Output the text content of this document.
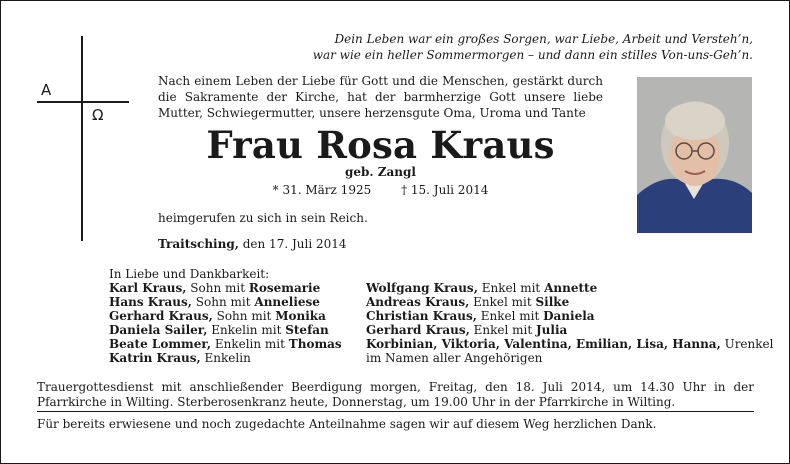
Dein Leben war ein großes Sorgen, war Liebe, Arbeit und Versteh’n,
war wie ein heller Sommermorgen – und dann ein stilles Von-uns-Geh’n.
A
Ω
Nach einem Leben der Liebe für Gott und die Menschen, gestärkt durch die Sakramente der Kirche, hat der barmherzige Gott unsere liebe Mutter, Schwiegermutter, unsere herzensgute Oma, Uroma und Tante
Frau Rosa Kraus
geb. Zangl
* 31. März 1925 † 15. Juli 2014
heimgerufen zu sich in sein Reich.
Traitsching, den 17. Juli 2014
In Liebe und Dankbarkeit:
Karl Kraus, Sohn mit Rosemarie
Hans Kraus, Sohn mit Anneliese
Gerhard Kraus, Sohn mit Monika
Daniela Sailer, Enkelin mit Stefan
Beate Lommer, Enkelin mit Thomas
Katrin Kraus, Enkelin
Wolfgang Kraus, Enkel mit Annette
Andreas Kraus, Enkel mit Silke
Christian Kraus, Enkel mit Daniela
Gerhard Kraus, Enkel mit Julia
Korbinian, Viktoria, Valentina, Emilian, Lisa, Hanna, Urenkel
im Namen aller Angehörigen
Trauergottesdienst mit anschließender Beerdigung morgen, Freitag, den 18. Juli 2014, um 14.30 Uhr in der Pfarrkirche in Wilting. Sterberosenkranz heute, Donnerstag, um 19.00 Uhr in der Pfarrkirche in Wilting.
Für bereits erwiesene und noch zugedachte Anteilnahme sagen wir auf diesem Weg herzlichen Dank.
